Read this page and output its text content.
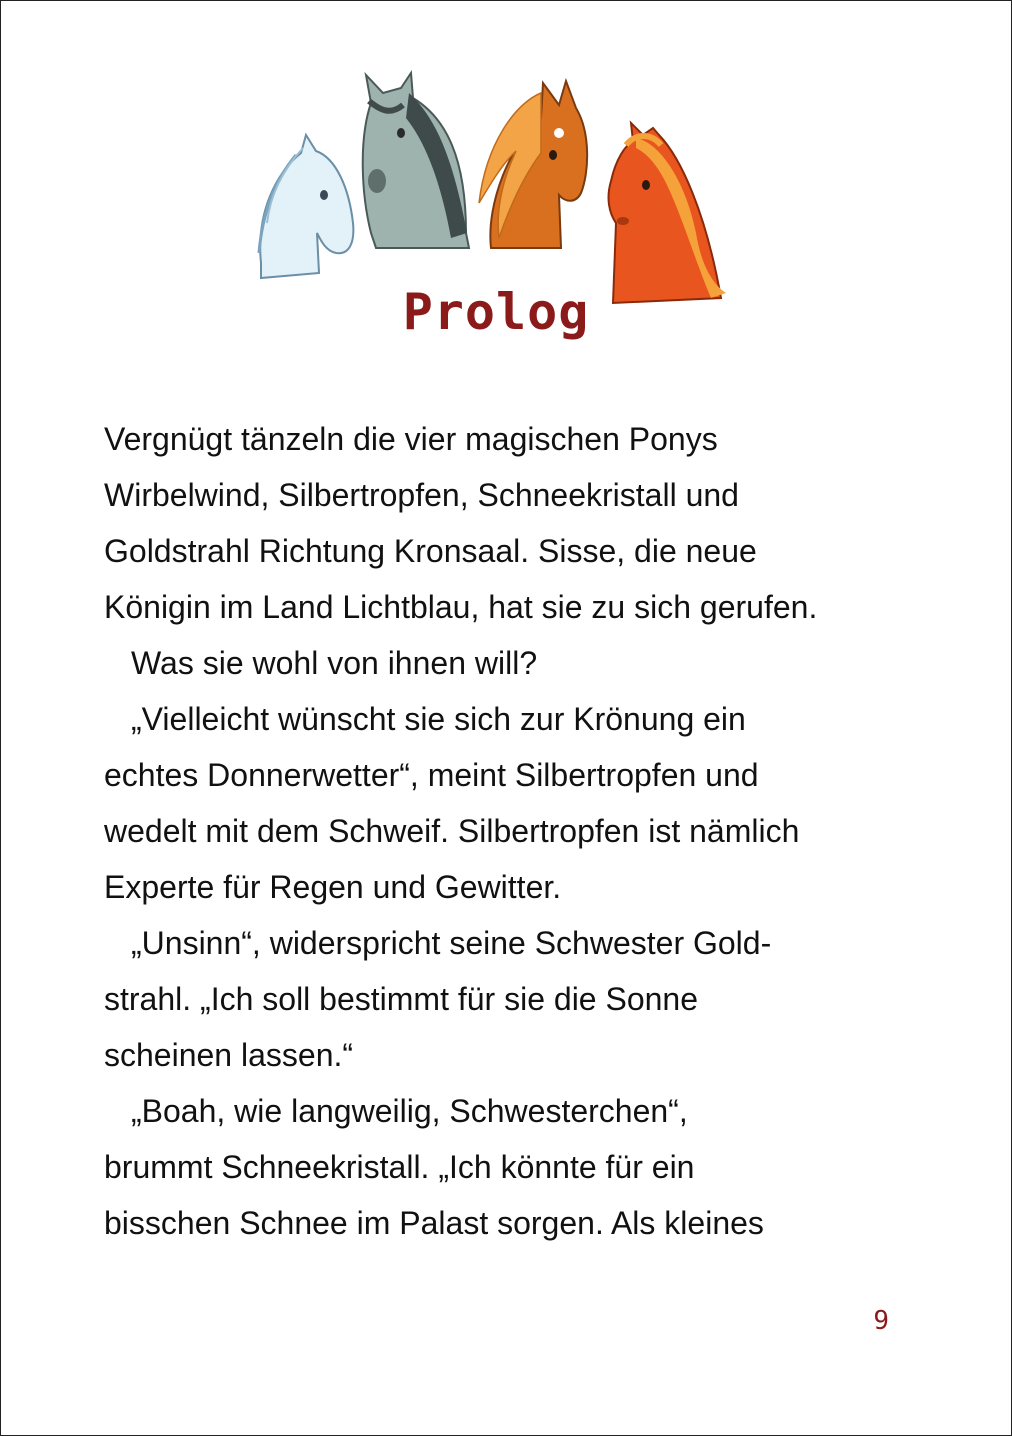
Prolog
Vergnügt tänzeln die vier magischen Ponys
Wirbelwind, Silbertropfen, Schneekristall und
Goldstrahl Richtung Kronsaal. Sisse, die neue
Königin im Land Lichtblau, hat sie zu sich gerufen.
Was sie wohl von ihnen will?
„Vielleicht wünscht sie sich zur Krönung ein
echtes Donnerwetter“, meint Silbertropfen und
wedelt mit dem Schweif. Silbertropfen ist nämlich
Experte für Regen und Gewitter.
„Unsinn“, widerspricht seine Schwester Gold-
strahl. „Ich soll bestimmt für sie die Sonne
scheinen lassen.“
„Boah, wie langweilig, Schwesterchen“,
brummt Schneekristall. „Ich könnte für ein
bisschen Schnee im Palast sorgen. Als kleines
9
